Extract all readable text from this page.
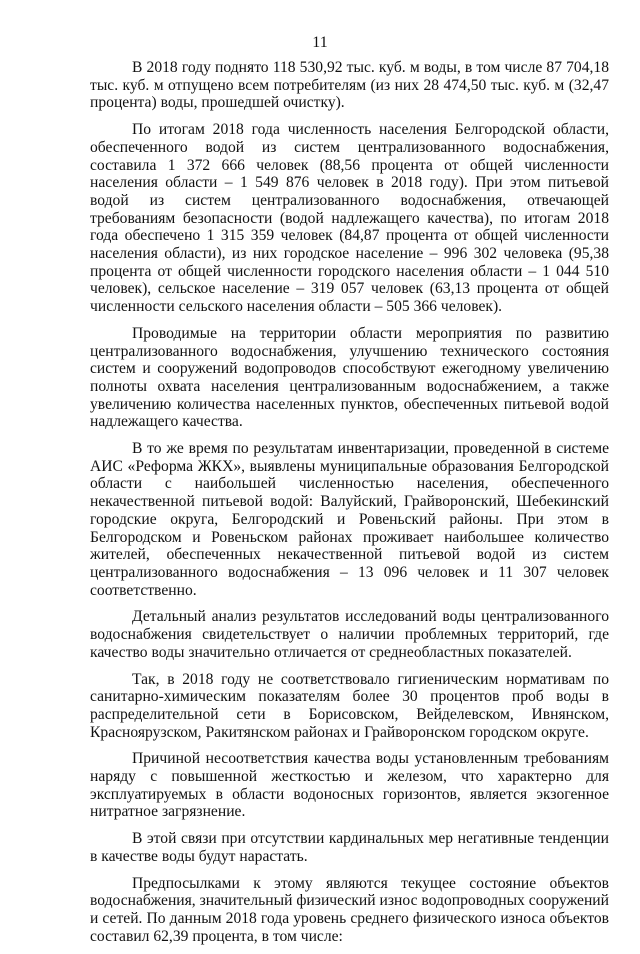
11

В 2018 году поднято 118 530,92 тыс. куб. м воды, в том числе 87 704,18 тыс. куб. м отпущено всем потребителям (из них 28 474,50 тыс. куб. м (32,47 процента) воды, прошедшей очистку).

По итогам 2018 года численность населения Белгородской области, обеспеченного водой из систем централизованного водоснабжения, составила 1 372 666 человек (88,56 процента от общей численности населения области – 1 549 876 человек в 2018 году). При этом питьевой водой из систем централизованного водоснабжения, отвечающей требованиям безопасности (водой надлежащего качества), по итогам 2018 года обеспечено 1 315 359 человек (84,87 процента от общей численности населения области), из них городское население – 996 302 человека (95,38 процента от общей численности городского населения области – 1 044 510 человек), сельское население – 319 057 человек (63,13 процента от общей численности сельского населения области – 505 366 человек).

Проводимые на территории области мероприятия по развитию централизованного водоснабжения, улучшению технического состояния систем и сооружений водопроводов способствуют ежегодному увеличению полноты охвата населения централизованным водоснабжением, а также увеличению количества населенных пунктов, обеспеченных питьевой водой надлежащего качества.

В то же время по результатам инвентаризации, проведенной в системе АИС «Реформа ЖКХ», выявлены муниципальные образования Белгородской области с наибольшей численностью населения, обеспеченного некачественной питьевой водой: Валуйский, Грайворонский, Шебекинский городские округа, Белгородский и Ровеньский районы. При этом в Белгородском и Ровеньском районах проживает наибольшее количество жителей, обеспеченных некачественной питьевой водой из систем централизованного водоснабжения – 13 096 человек и 11 307 человек соответственно.

Детальный анализ результатов исследований воды централизованного водоснабжения свидетельствует о наличии проблемных территорий, где качество воды значительно отличается от среднеобластных показателей.

Так, в 2018 году не соответствовало гигиеническим нормативам по санитарно-химическим показателям более 30 процентов проб воды в распределительной сети в Борисовском, Вейделевском, Ивнянском, Красноярузском, Ракитянском районах и Грайворонском городском округе.

Причиной несоответствия качества воды установленным требованиям наряду с повышенной жесткостью и железом, что характерно для эксплуатируемых в области водоносных горизонтов, является экзогенное нитратное загрязнение.

В этой связи при отсутствии кардинальных мер негативные тенденции в качестве воды будут нарастать.

Предпосылками к этому являются текущее состояние объектов водоснабжения, значительный физический износ водопроводных сооружений и сетей. По данным 2018 года уровень среднего физического износа объектов составил 62,39 процента, в том числе:
